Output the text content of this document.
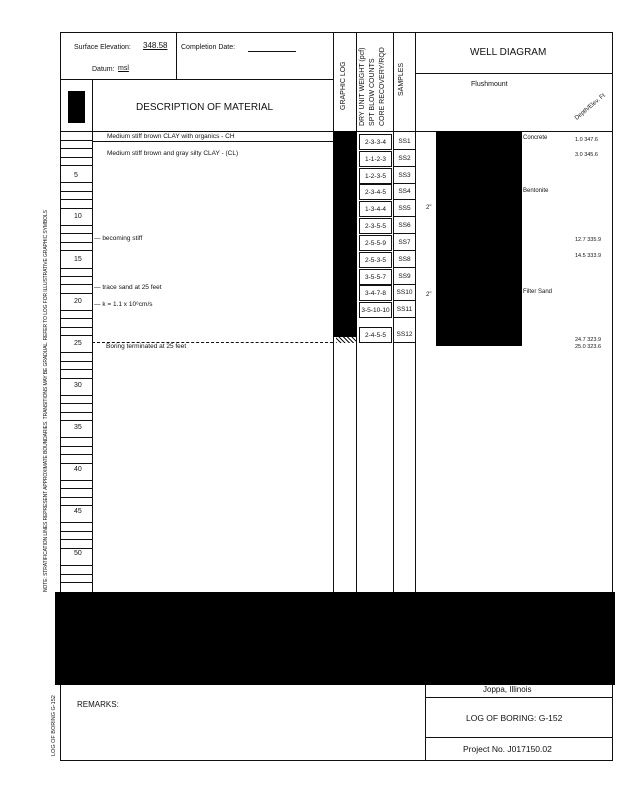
Surface Elevation: 348.58
Datum: msl
Completion Date:
DESCRIPTION OF MATERIAL	GRAPHIC LOG DRY UNIT WEIGHT (pcf) SPT BLOW COUNTS CORE RECOVERY/RQD SAMPLES
WELL DIAGRAM
Flushmount
Depth/Elev. Ft
5
10
15
20
25
30
35
40
45
50
Medium stiff brown CLAY with organics - CH
Medium stiff brown and gray silty CLAY - (CL)
— becoming stiff
— trace sand at 25 feet
— k = 1.1 x 10⁶cm/s
Boring terminated at 25 feet
2-3-3-4
1-1-2-3
1-2-3-5
2-3-4-5
1-3-4-4
2-3-5-5
2-5-5-9
2-5-3-5
3-5-5-7
3-4-7-8
3-5-10-10
2-4-5-5
SS1
SS2
SS3
SS4
SS5
SS6
SS7
SS8
SS9
SS10
SS11
SS12
Concrete
Bentonite
Filter Sand
2"
2"
1.0 347.6
3.0 345.6
12.7 335.9
14.5 333.9
24.7 323.9
25.0 323.6
NOTE: STRATIFICATION LINES REPRESENT APPROXIMATE BOUNDARIES. TRANSITIONS MAY BE GRADUAL. REFER TO LOG FOR ILLUSTRATIVE GRAPHIC SYMBOLS
LOG OF BORING G-152	REMARKS:
Joppa, Illinois
LOG OF BORING: G-152
Project No. J017150.02
